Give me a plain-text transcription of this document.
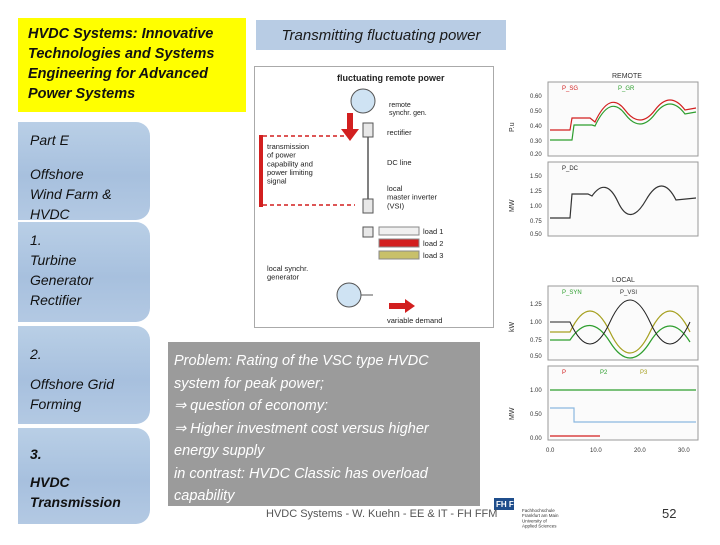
HVDC Systems: Innovative
Technologies and Systems
Engineering for Advanced
Power Systems
Transmitting fluctuating power
Part E
Offshore
Wind Farm &
HVDC
1.
Turbine
Generator
Rectifier
2.
Offshore Grid
Forming
3.
HVDC
Transmission
fluctuating remote power
remote synchr. gen.
rectifier
DC line
transmission of power capability and power limiting signal
local master inverter (VSI)
load 1
load 2
load 3
local synchr. generator
variable demand
REMOTE
P_SG	P_GR
0.60
0.50
0.40
0.30
0.20
P.u
P_DC
1.50
1.25
1.00
0.75
0.50
MW
LOCAL
P_SYN	P_VSI
1.25
1.00
0.75
0.50
kW
P	P2	P3
1.00
0.50
0.00
MW
0.0	10.0	20.0	30.0
Problem: Rating of the VSC type HVDC
system for peak power;
⇒ question of economy:
⇒ Higher investment cost versus higher
energy supply
in contrast: HVDC Classic has overload
capability
FH FFM
Fachhochschule Frankfurt am Main University of Applied Sciences
HVDC Systems - W. Kuehn - EE & IT - FH FFM	52
